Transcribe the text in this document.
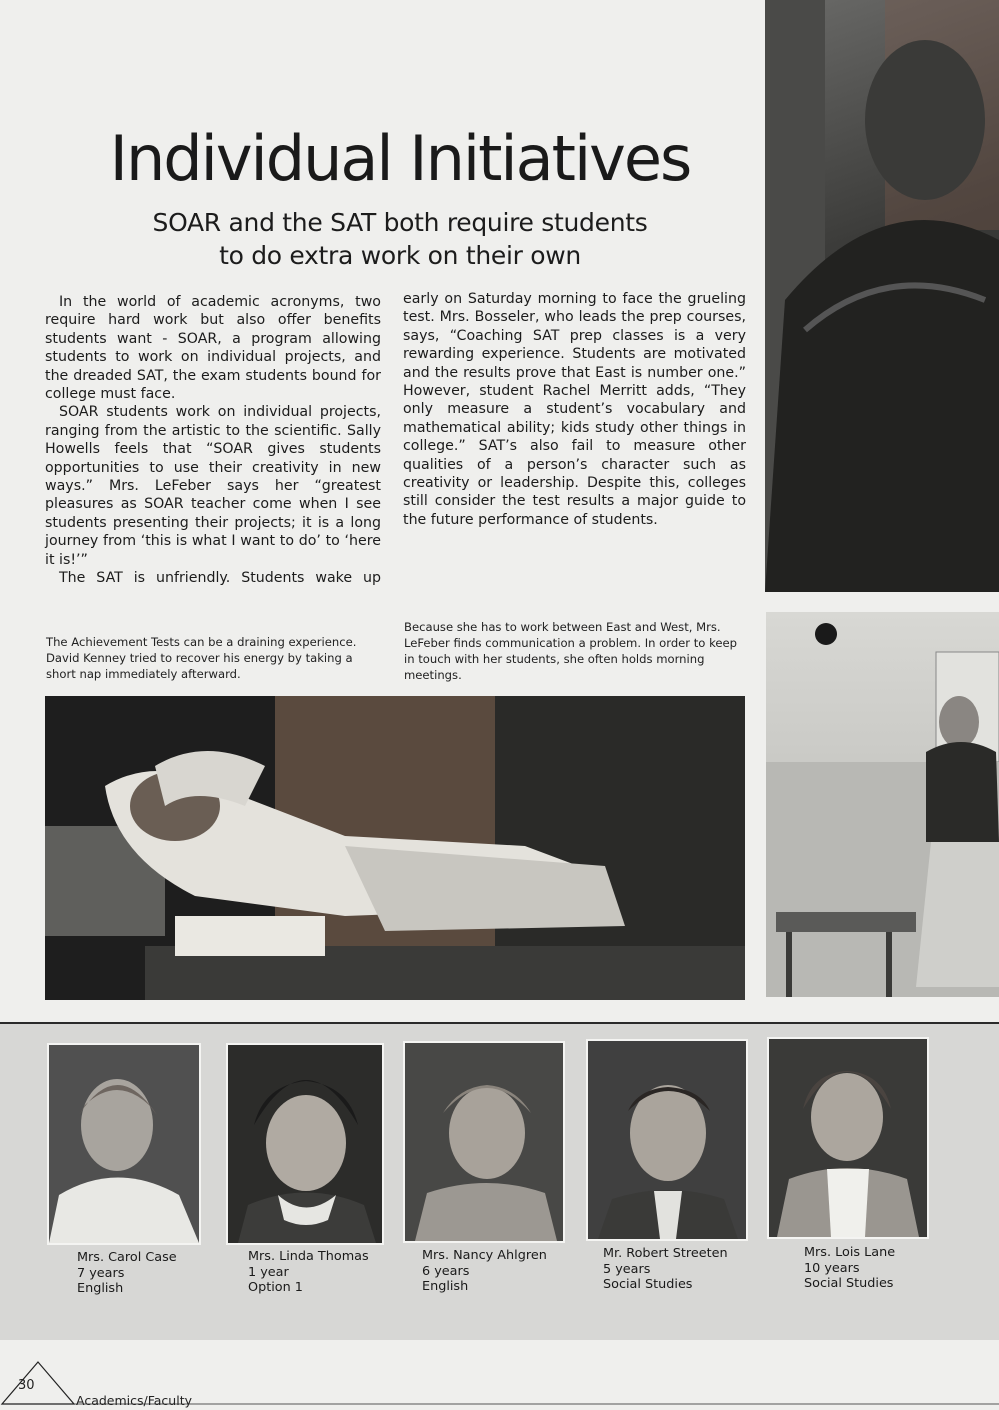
Individual Initiatives
SOAR and the SAT both require students
to do extra work on their own

In the world of academic acronyms, two require hard work but also offer benefits students want - SOAR, a program allowing students to work on individual projects, and the dreaded SAT, the exam students bound for college must face.

SOAR students work on individual projects, ranging from the artistic to the scientific. Sally Howells feels that “SOAR gives students opportunities to use their creativity in new ways.” Mrs. LeFeber says her “greatest pleasures as SOAR teacher come when I see students presenting their projects; it is a long journey from ‘this is what I want to do’ to ‘here it is!’”

The SAT is unfriendly. Students wake up

early on Saturday morning to face the grueling test. Mrs. Bosseler, who leads the prep courses, says, “Coaching SAT prep classes is a very rewarding experience. Students are motivated and the results prove that East is number one.” However, student Rachel Merritt adds, “They only measure a student’s vocabulary and mathematical ability; kids study other things in college.” SAT’s also fail to measure other qualities of a person’s character such as creativity or leadership. Despite this, colleges still consider the test results a major guide to the future performance of students.

The Achievement Tests can be a draining experience. David Kenney tried to recover his energy by taking a short nap immediately afterward.
Because she has to work between East and West, Mrs. LeFeber finds communication a problem. In order to keep in touch with her students, she often holds morning meetings.
Mrs. Carol Case
7 years
English
Mrs. Linda Thomas
1 year
Option 1
Mrs. Nancy Ahlgren
6 years
English
Mr. Robert Streeten
5 years
Social Studies
Mrs. Lois Lane
10 years
Social Studies
30
Academics/Faculty
